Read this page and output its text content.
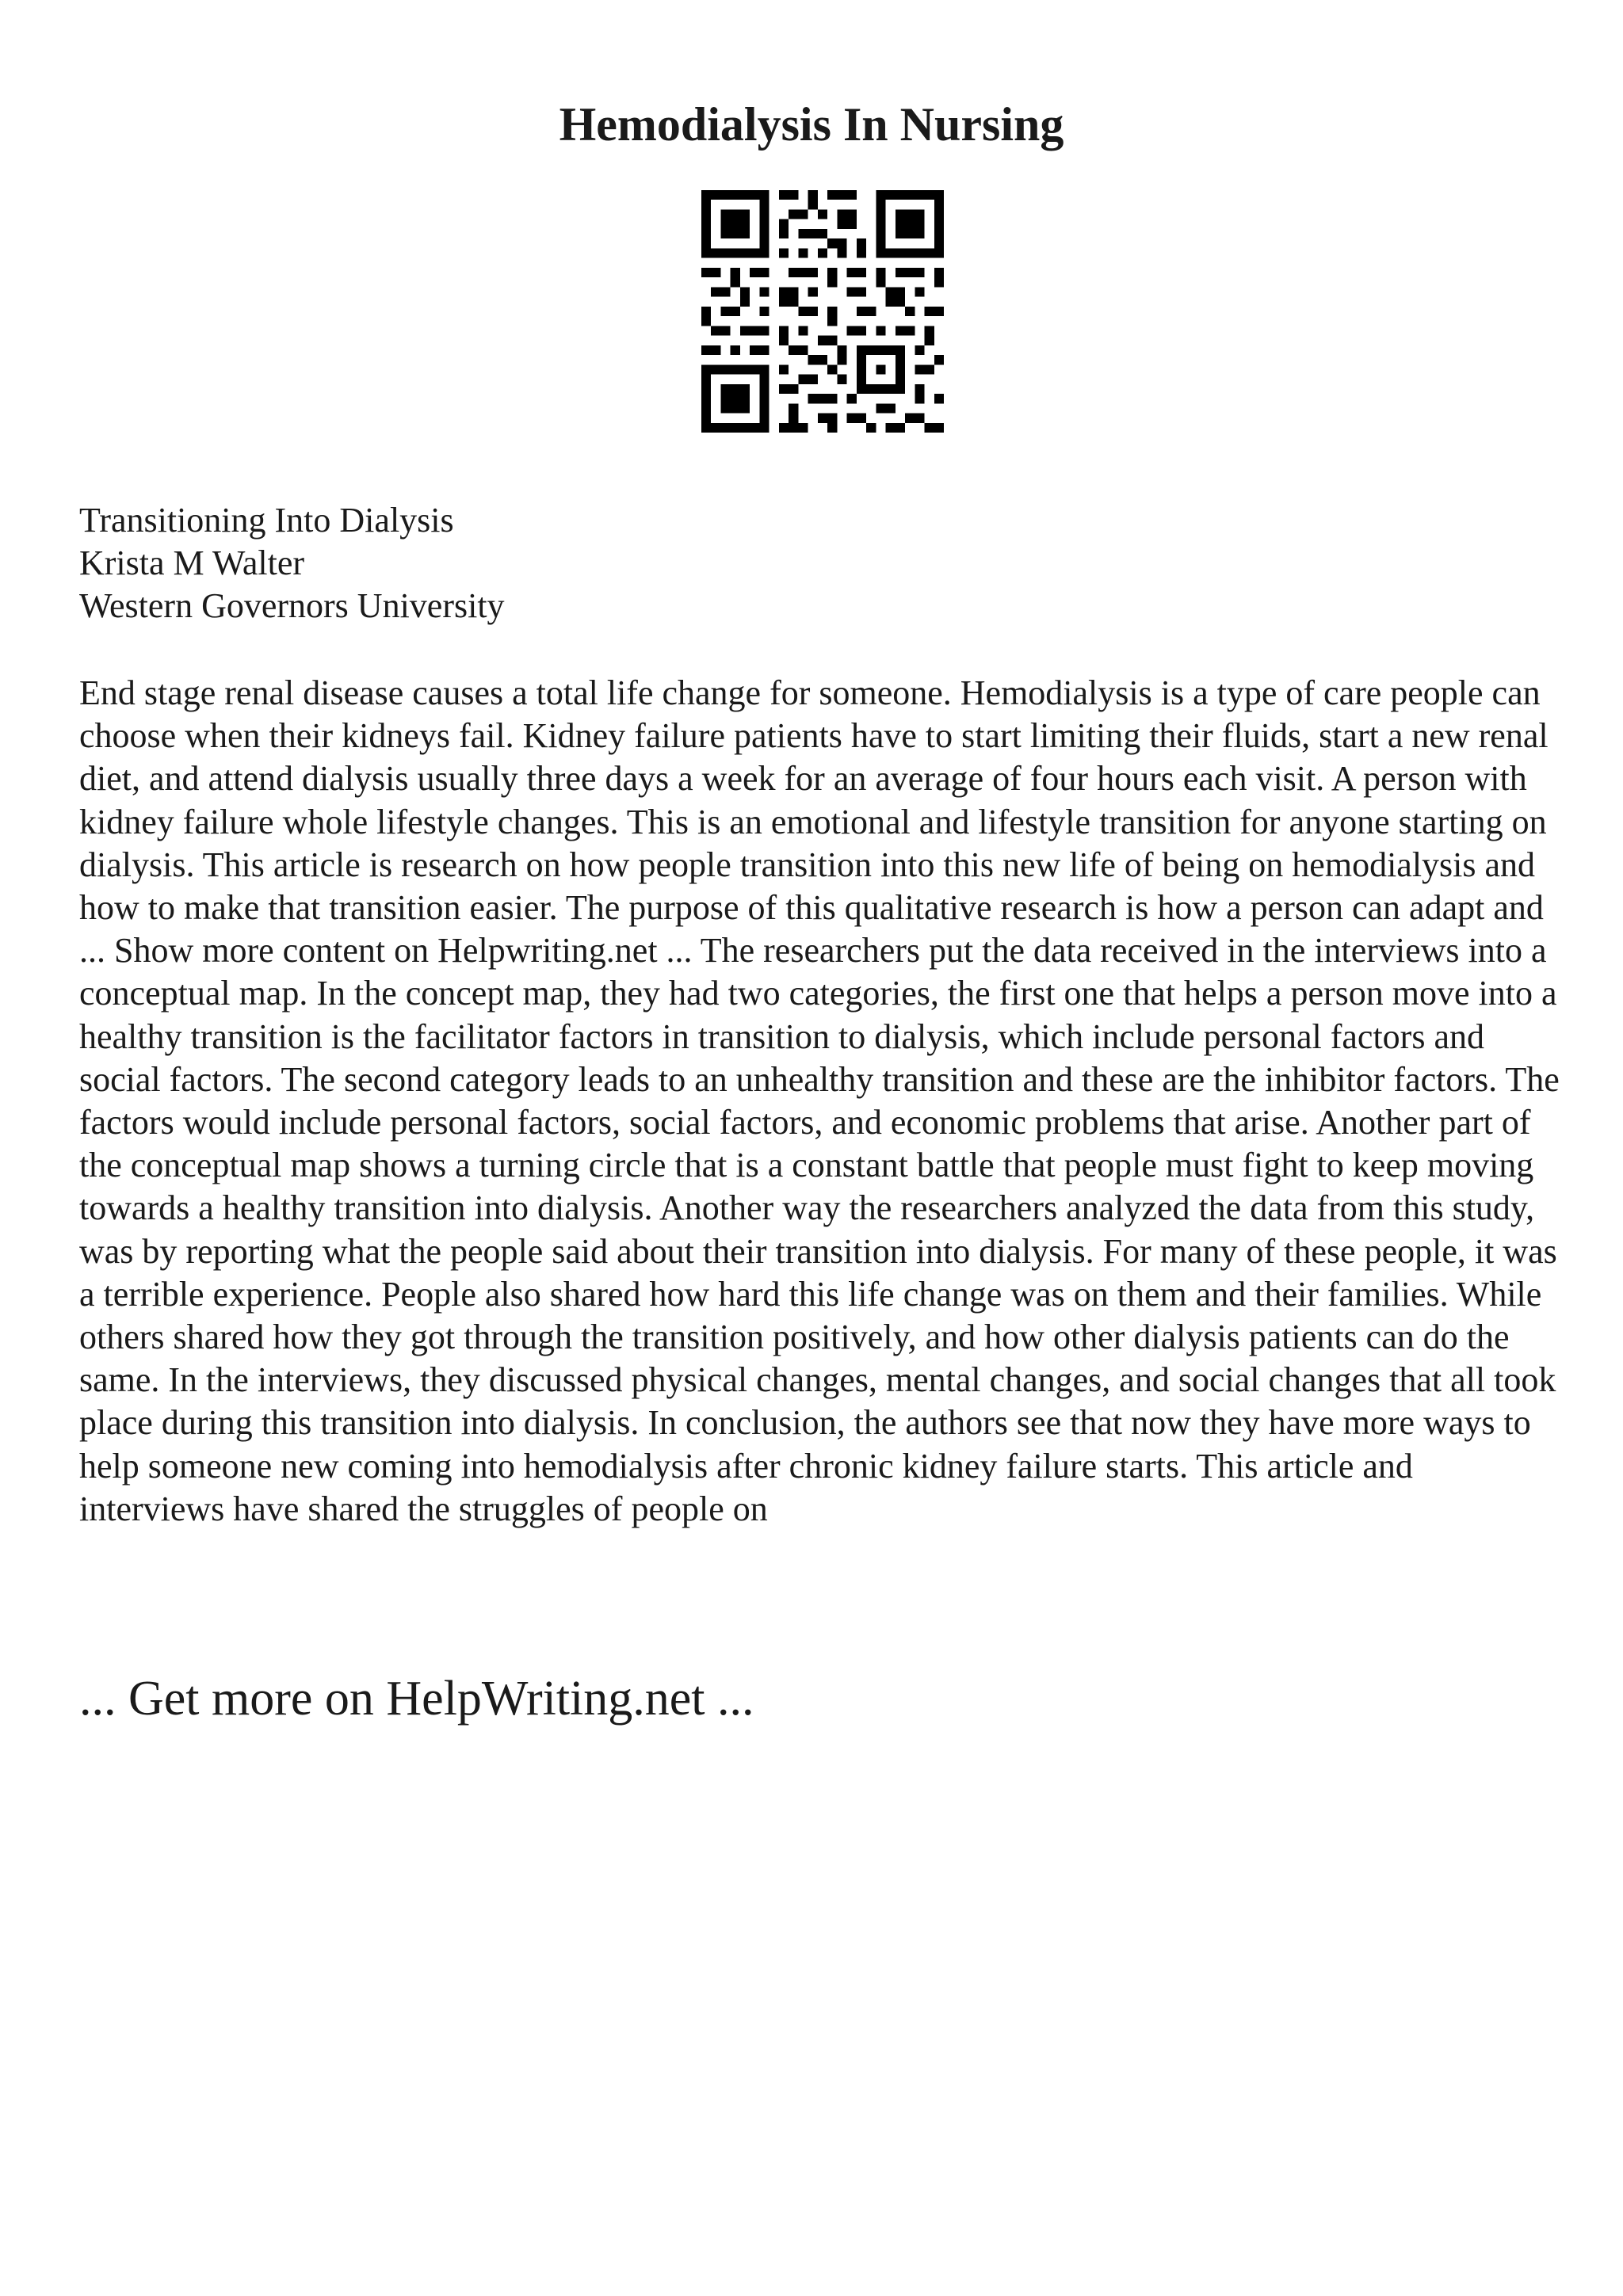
Hemodialysis In Nursing
Transitioning Into Dialysis
Krista M Walter
Western Governors University

End stage renal disease causes a total life change for someone. Hemodialysis is a type of care people can choose when their kidneys fail. Kidney failure patients have to start limiting their fluids, start a new renal diet, and attend dialysis usually three days a week for an average of four hours each visit. A person with kidney failure whole lifestyle changes. This is an emotional and lifestyle transition for anyone starting on dialysis. This article is research on how people transition into this new life of being on hemodialysis and how to make that transition easier. The purpose of this qualitative research is how a person can adapt and ... Show more content on Helpwriting.net ... The researchers put the data received in the interviews into a conceptual map. In the concept map, they had two categories, the first one that helps a person move into a healthy transition is the facilitator factors in transition to dialysis, which include personal factors and social factors. The second category leads to an unhealthy transition and these are the inhibitor factors. The factors would include personal factors, social factors, and economic problems that arise. Another part of the conceptual map shows a turning circle that is a constant battle that people must fight to keep moving towards a healthy transition into dialysis. Another way the researchers analyzed the data from this study, was by reporting what the people said about their transition into dialysis. For many of these people, it was a terrible experience. People also shared how hard this life change was on them and their families. While others shared how they got through the transition positively, and how other dialysis patients can do the same. In the interviews, they discussed physical changes, mental changes, and social changes that all took place during this transition into dialysis. In conclusion, the authors see that now they have more ways to help someone new coming into hemodialysis after chronic kidney failure starts. This article and interviews have shared the struggles of people on

... Get more on HelpWriting.net ...
